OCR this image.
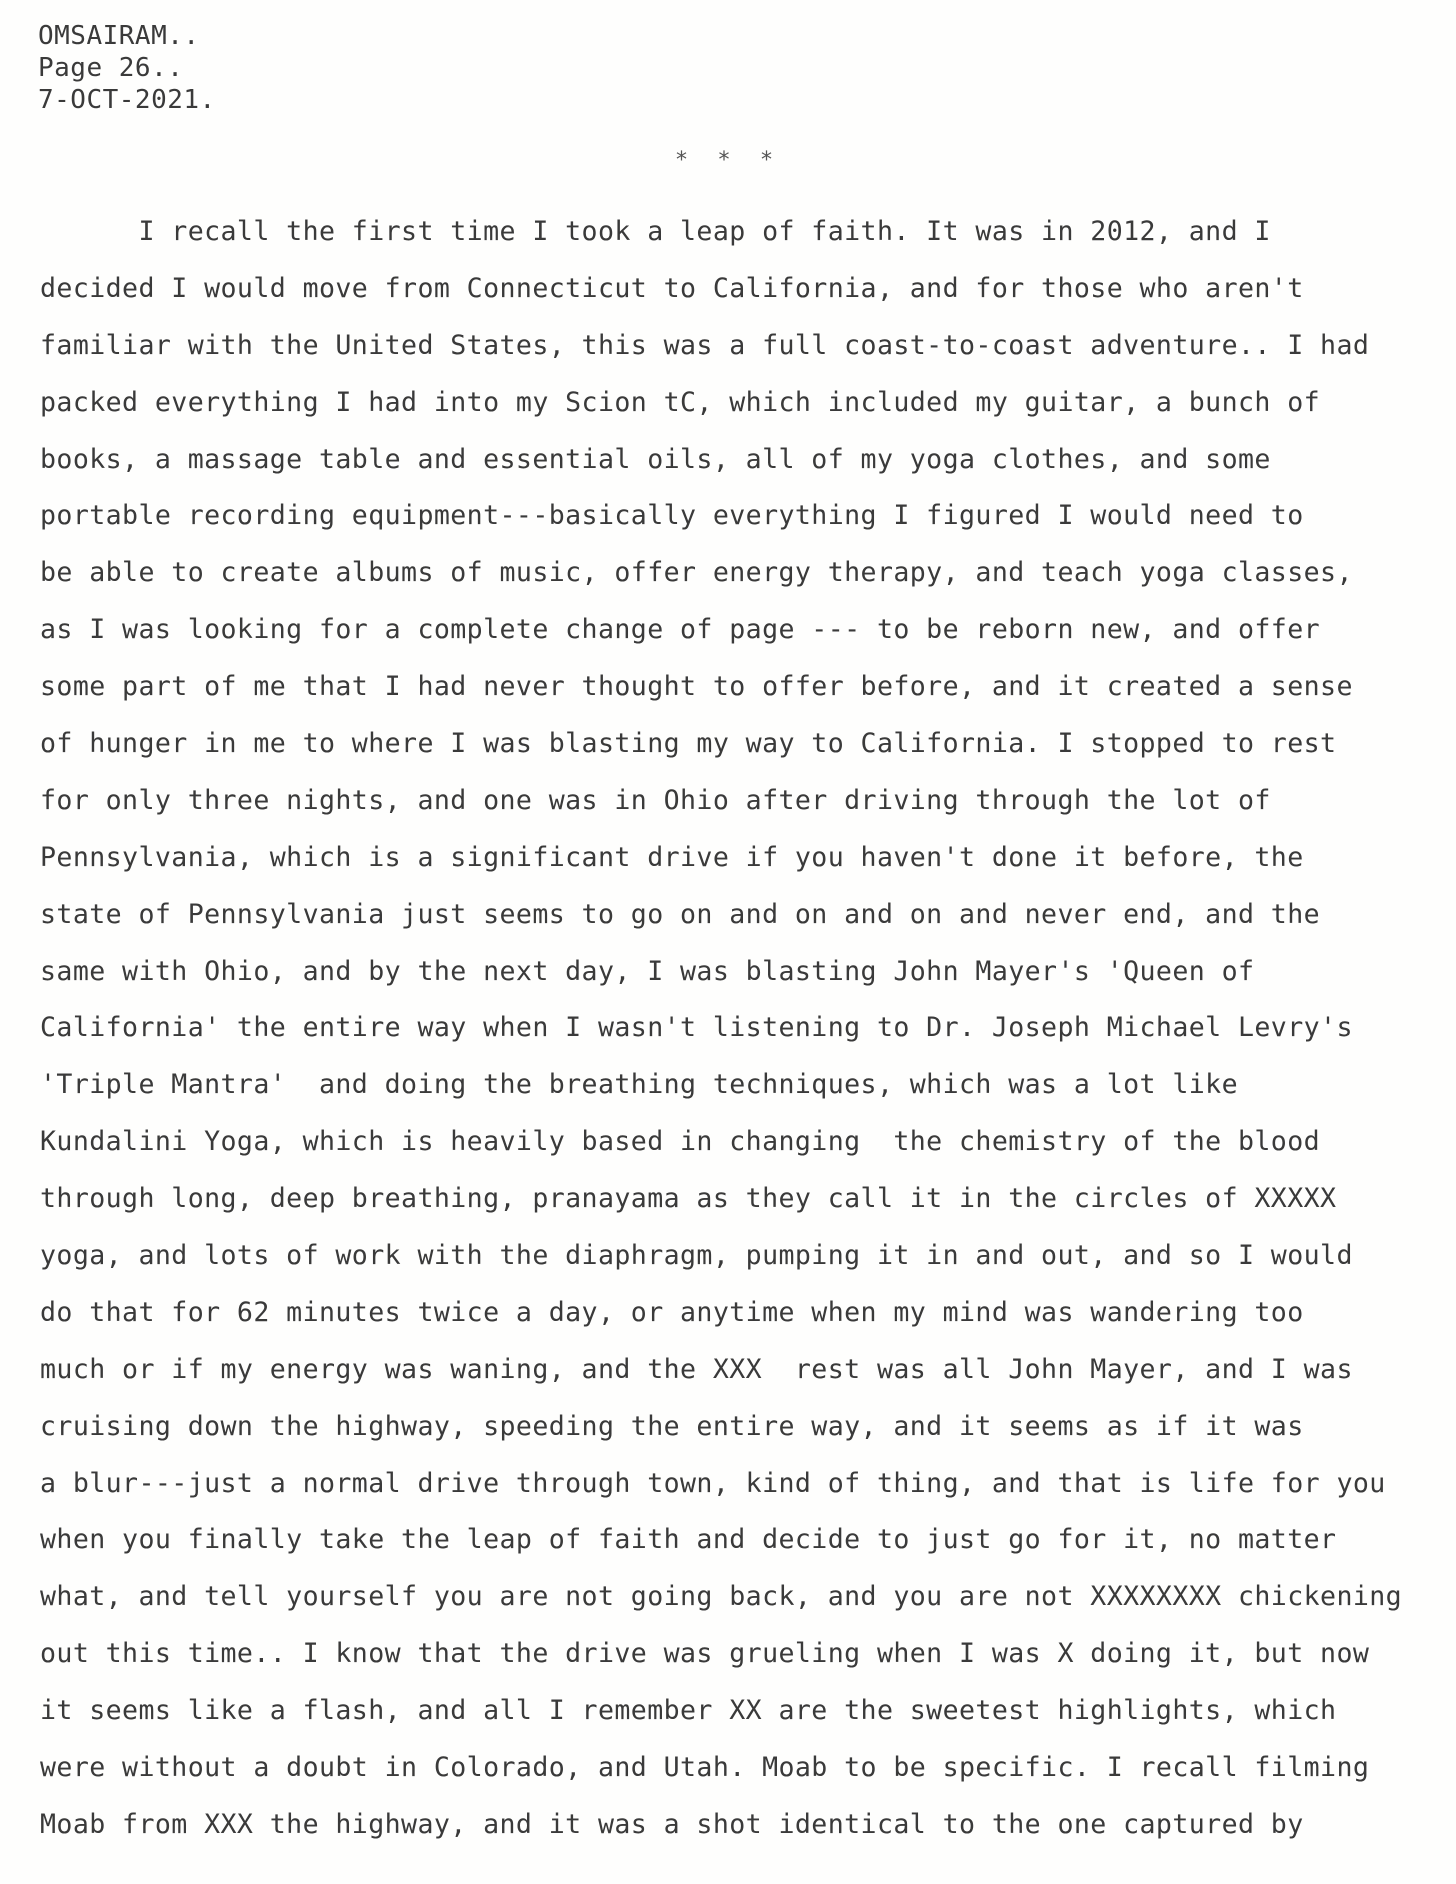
OMSAIRAM..
Page 26..
7-OCT-2021.
* * *
I recall the first time I took a leap of faith. It was in 2012, and I
decided I would move from Connecticut to California, and for those who aren't
familiar with the United States, this was a full coast-to-coast adventure.. I had
packed everything I had into my Scion tC, which included my guitar, a bunch of
books, a massage table and essential oils, all of my yoga clothes, and some
portable recording equipment---basically everything I figured I would need to
be able to create albums of music, offer energy therapy, and teach yoga classes,
as I was looking for a complete change of page --- to be reborn new, and offer
some part of me that I had never thought to offer before, and it created a sense
of hunger in me to where I was blasting my way to California. I stopped to rest
for only three nights, and one was in Ohio after driving through the lot of
Pennsylvania, which is a significant drive if you haven't done it before, the
state of Pennsylvania just seems to go on and on and on and never end, and the
same with Ohio, and by the next day, I was blasting John Mayer's 'Queen of
California' the entire way when I wasn't listening to Dr. Joseph Michael Levry's
'Triple Mantra'  and doing the breathing techniques, which was a lot like
Kundalini Yoga, which is heavily based in changing  the chemistry of the blood
through long, deep breathing, pranayama as they call it in the circles of XXXXX
yoga, and lots of work with the diaphragm, pumping it in and out, and so I would
do that for 62 minutes twice a day, or anytime when my mind was wandering too
much or if my energy was waning, and the XXX  rest was all John Mayer, and I was
cruising down the highway, speeding the entire way, and it seems as if it was
a blur---just a normal drive through town, kind of thing, and that is life for you
when you finally take the leap of faith and decide to just go for it, no matter
what, and tell yourself you are not going back, and you are not XXXXXXXX chickening
out this time.. I know that the drive was grueling when I was X doing it, but now
it seems like a flash, and all I remember XX are the sweetest highlights, which
were without a doubt in Colorado, and Utah. Moab to be specific. I recall filming
Moab from XXX the highway, and it was a shot identical to the one captured by
